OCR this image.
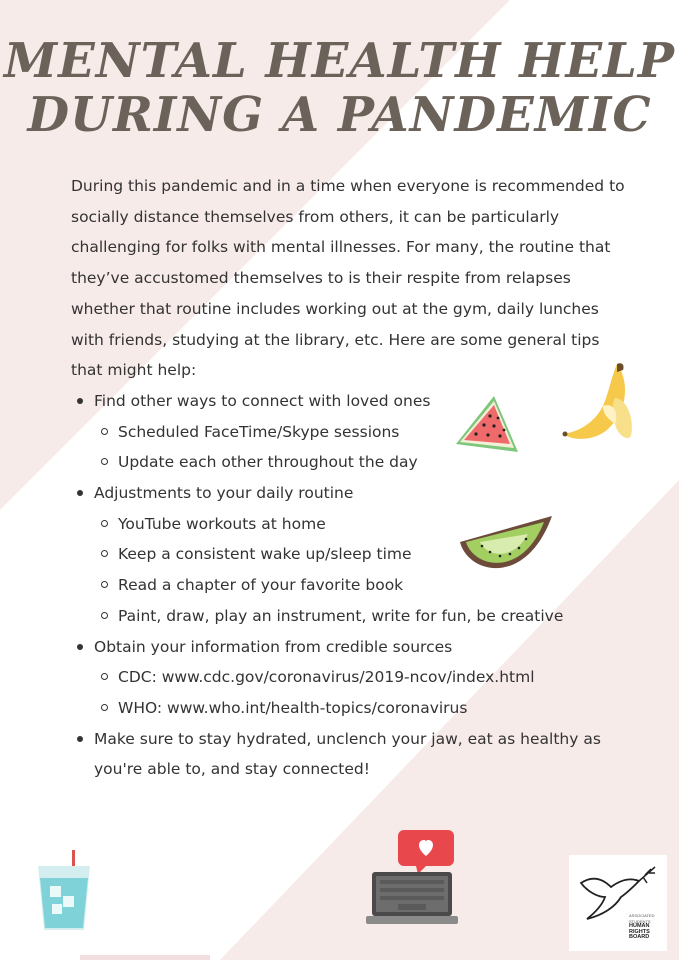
MENTAL HEALTH HELP
DURING A PANDEMIC

During this pandemic and in a time when everyone is recommended to socially distance themselves from others, it can be particularly challenging for folks with mental illnesses. For many, the routine that they’ve accustomed themselves to is their respite from relapses whether that routine includes working out at the gym, daily lunches with friends, studying at the library, etc. Here are some general tips that might help:

Find other ways to connect with loved ones
Scheduled FaceTime/Skype sessions
Update each other throughout the day
Adjustments to your daily routine
YouTube workouts at home
Keep a consistent wake up/sleep time
Read a chapter of your favorite book
Paint, draw, play an instrument, write for fun, be creative
Obtain your information from credible sources
CDC: www.cdc.gov/coronavirus/2019-ncov/index.html
WHO: www.who.int/health-topics/coronavirus
Make sure to stay hydrated, unclench your jaw, eat as healthy as you're able to, and stay connected!
ASSOCIATED
STUDENTS
HUMAN
RIGHTS
BOARD
